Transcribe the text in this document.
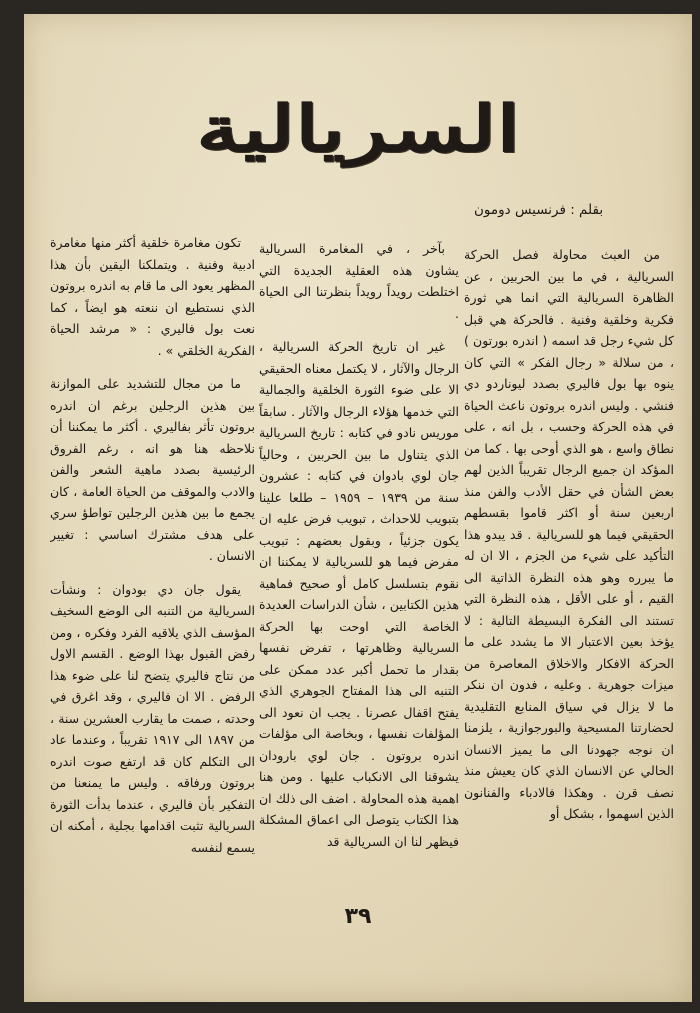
السريالية
بقلم : فرنسيس دومون

من العبث محاولة فصل الحركة السريالية ، في ما بين الحربين ، عن الظاهرة السريالية التي انما هي ثورة فكرية وخلقية وفنية . فالحركة هي قبل كل شيء رجل قد اسمه ( اندره بورتون ) ، من سلالة « رجال الفكر » التي كان ينوه بها بول فاليري بصدد ليوناردو دي فنشي . وليس اندره بروتون ناعث الحياة في هذه الحركة وحسب ، بل انه ، على نطاق واسع ، هو الذي أوحى بها . كما من المؤكد ان جميع الرجال تقريباً الذين لهم بعض الشأن في حقل الأدب والفن منذ اربعين سنة أو اكثر قاموا بقسطهم الحقيقي فيما هو للسريالية . قد يبدو هذا التأكيد على شيء من الجزم ، الا ان له ما يبرره وهو هذه النظرة الذاتية الى القيم ، أو على الأقل ، هذه النظرة التي تستند الى الفكرة البسيطة التالية : لا يؤخذ بعين الاعتبار الا ما يشدد على ما الحركة الافكار والاخلاق المعاصرة من ميزات جوهرية . وعليه ، فدون ان ننكر ما لا يزال في سياق المنابع التقليدية لحضارتنا المسيحية والبورجوازية ، يلزمنا ان نوجه جهودنا الى ما يميز الانسان الحالي عن الانسان الذي كان يعيش منذ نصف قرن . وهكذا فالادباء والفنانون الذين اسهموا ، بشكل أو

بآخر ، في المغامرة السريالية يشاون هذه العقلية الجديدة التي اختلطت رويداً رويداً بنظرتنا الى الحياة .

غير ان تاريخ الحركة السريالية ، الرجال والآثار ، لا يكتمل معناه الحقيقي الا على ضوء الثورة الخلقية والجمالية التي خدمها هؤلاء الرجال والآثار . سابقاً موريس نادو في كتابه : تاريخ السريالية الذي يتناول ما بين الحربين ، وحالياً جان لوي بادوان في كتابه : عشرون سنة من ١٩٣٩ – ١٩٥٩ – طلعا علينا بتبويب للاحداث ، تبويب فرض عليه ان يكون جزئياً ، وبقول بعضهم : تبويب مفرض فيما هو للسريالية لا يمكننا ان نقوم بتسلسل كامل أو صحيح فماهية هذين الكتابين ، شأن الدراسات العديدة الخاصة التي اوحت بها الحركة السريالية وظاهرتها ، تفرض نفسها بقدار ما تحمل أكبر عدد ممكن على التنبه الى هذا المفتاح الجوهري الذي يفتح اقفال عصرنا . يجب ان نعود الى المؤلفات نفسها ، وبخاصة الى مؤلفات اندره بروتون . جان لوي بارودان يشوقنا الى الانكباب عليها . ومن هنا اهمية هذه المحاولة . اضف الى ذلك ان هذا الكتاب يتوصل الى اعماق المشكلة فيظهر لنا ان السريالية قد

تكون مغامرة خلقية أكثر منها مغامرة ادبية وفنية . ويتملكنا اليقين بأن هذا المظهر يعود الى ما قام به اندره بروتون الذي نستطيع ان ننعته هو ايضاً ، كما نعت بول فاليري : « مرشد الحياة الفكرية الخلقي » .

ما من مجال للتشديد على الموازنة بين هذين الرجلين برغم ان اندره بروتون تأثر بفاليري . أكثر ما يمكننا أن نلاحظه هنا هو انه ، رغم الفروق الرئيسية بصدد ماهية الشعر والفن والادب والموقف من الحياة العامة ، كان يجمع ما بين هذين الرجلين تواطؤ سري على هدف مشترك اساسي : تغيير الانسان .

يقول جان دي بودوان : ونشأت السريالية من التنبه الى الوضع السخيف المؤسف الذي يلاقيه الفرد وفكره ، ومن رفض القبول بهذا الوضع . القسم الاول من نتاج فاليري يتضح لنا على ضوء هذا الرفض . الا ان فاليري ، وقد اغرق في وحدته ، صمت ما يقارب العشرين سنة ، من ١٨٩٧ الى ١٩١٧ تقريباً ، وعندما عاد الى التكلم كان قد ارتفع صوت اندره بروتون ورفاقه . وليس ما يمنعنا من التفكير بأن فاليري ، عندما بدأت الثورة السريالية تثبت اقدامها بجلية ، أمكنه ان يسمع لنفسه

٣٩
